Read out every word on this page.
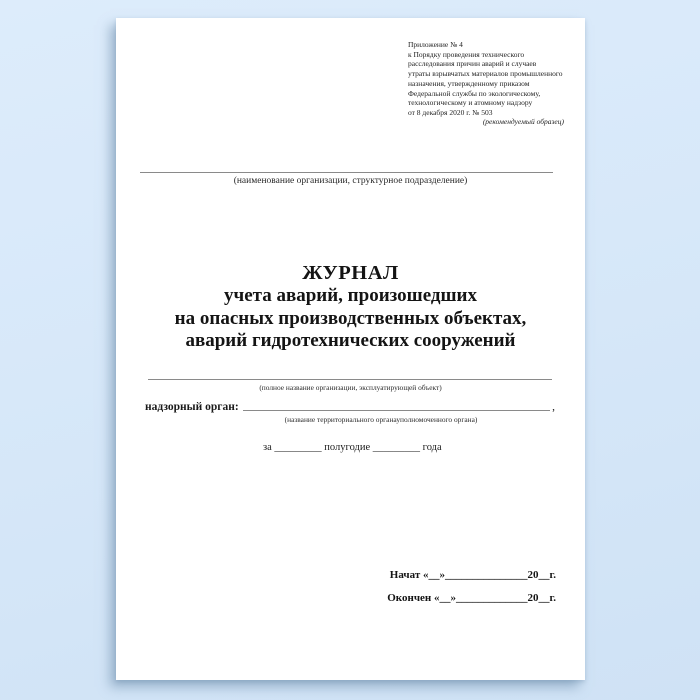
Приложение № 4
к Порядку проведения технического
расследования причин аварий и случаев
утраты взрывчатых материалов промышленного
назначения, утвержденному приказом
Федеральной службы по экологическому,
технологическому и атомному надзору
от 8 декабря 2020 г. № 503
(рекомендуемый образец)
(наименование организации, структурное подразделение)
ЖУРНАЛ
учета аварий, произошедших
на опасных производственных объектах,
аварий гидротехнических сооружений
(полное название организации, эксплуатирующей объект)
надзорный орган:	,
(название территориального органауполномоченного органа)
за _________ полугодие _________ года
Начат «__»_______________20__г.
Окончен «__»_____________20__г.
